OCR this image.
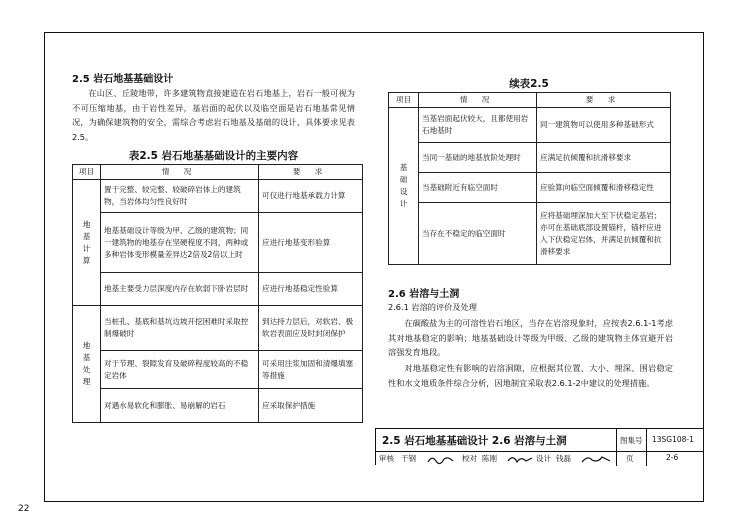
2.5 岩石地基基础设计
在山区、丘陵地带，许多建筑物直接建造在岩石地基上，岩石一般可视为不可压缩地基，由于岩性差异，基岩面的起伏以及临空面是岩石地基常见情况，为确保建筑物的安全，需综合考虑岩石地基及基础的设计，具体要求见表2.5。
表2.5 岩石地基基础设计的主要内容
项目	情 况	要 求

地基计算	置于完整、较完整、较破碎岩体上的建筑物，当岩体均匀性良好时	可仅进行地基承载力计算
	地基基础设计等级为甲、乙级的建筑物；同一建筑物的地基存在坚硬程度不同，两种或多种岩体变形模量差异达2倍及2倍以上时	应进行地基变形验算
	地基主要受力层深度内存在软弱下卧岩层时	应进行地基稳定性验算

地基处理	当桩孔、基底和基坑边坡开挖困难时采取控制爆破时	到达持力层后，对软岩、极软岩表面应及时封闭保护
	对于节理、裂隙发育及破碎程度较高的不稳定岩体	可采用注浆加固和清爆填塞等措施
	对遇水易软化和膨胀、易崩解的岩石	应采取保护措施
续表2.5
项目	情 况	要 求

基础设计	当基岩面起伏较大，且都使用岩石地基时	同一建筑物可以使用多种基础形式
	当同一基础的地基放阶处理时	应满足抗倾覆和抗滑移要求
	当基础附近有临空面时	应验算向临空面倾覆和滑移稳定性
	当存在不稳定的临空面时	应将基础埋深加大至下伏稳定基岩；亦可在基础底部设置锚杆，锚杆应进入下伏稳定岩体，并满足抗倾覆和抗滑移要求
2.6 岩溶与土洞
2.6.1 岩溶的评价及处理
在碳酸盐为主的可溶性岩石地区，当存在岩溶现象时，应按表2.6.1-1考虑其对地基稳定的影响；地基基础设计等级为甲级、乙级的建筑物主体宜避开岩溶强发育地段。
对地基稳定性有影响的岩溶洞隙，应根据其位置、大小、埋深、围岩稳定性和水文地质条件综合分析，因地制宜采取表2.6.1-2中建议的处理措施。
2.5 岩石地基基础设计 2.6 岩溶与土洞	图集号 13SG108-1
审核 干钢	校对 陈刚	设计 钱磊	页	2-6
22
